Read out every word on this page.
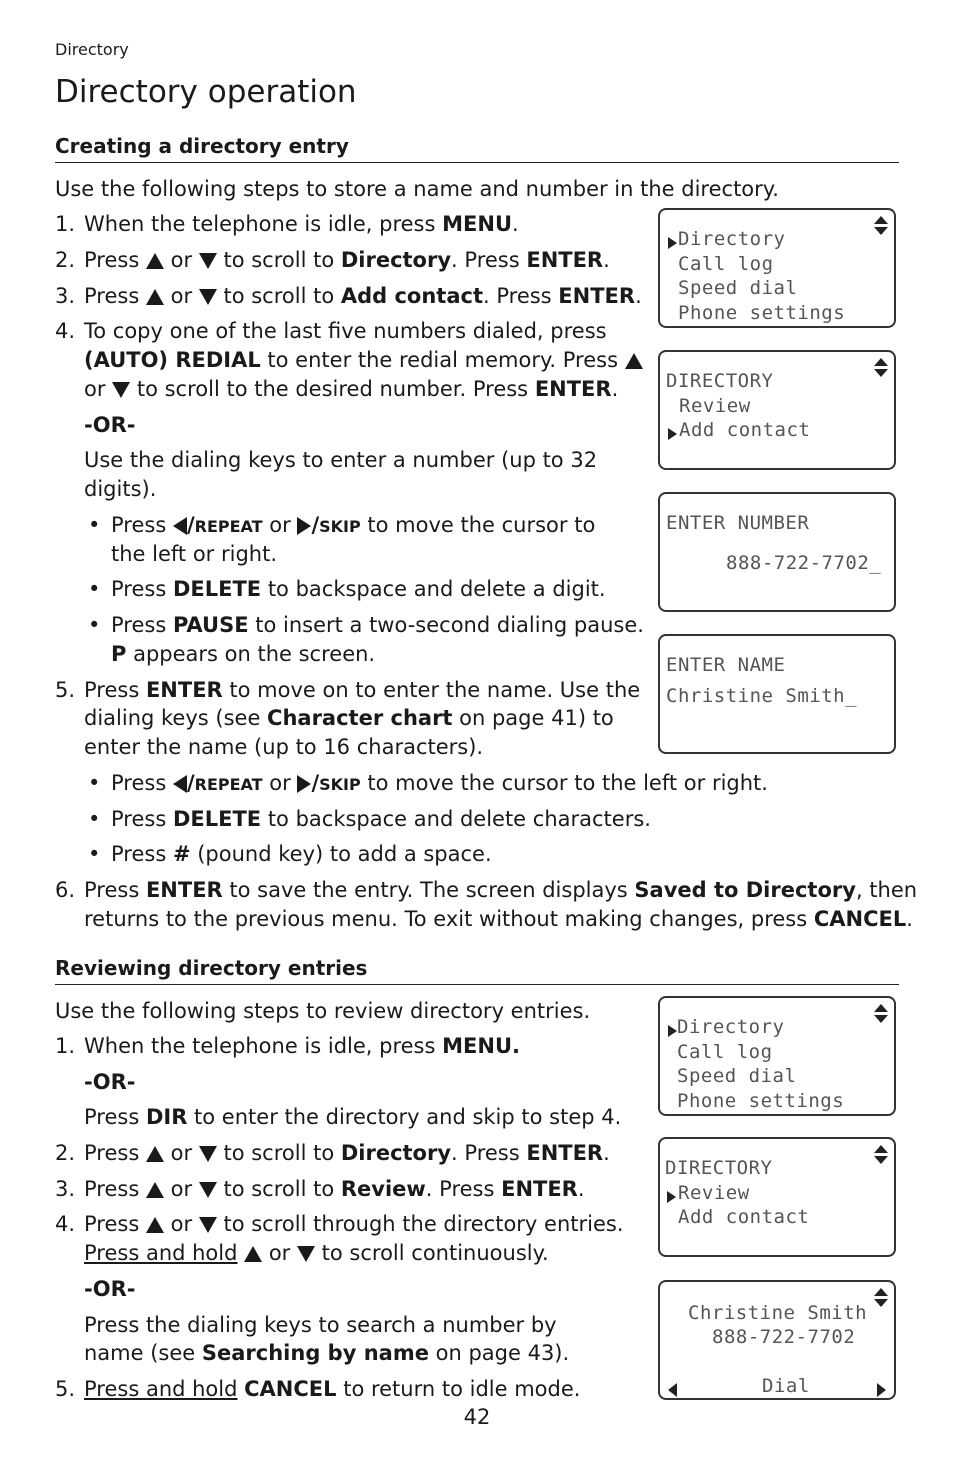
Directory
Directory operation
Creating a directory entry
Use the following steps to store a name and number in the directory.
1. When the telephone is idle, press MENU.
2. Press  or  to scroll to Directory. Press ENTER.
3. Press  or  to scroll to Add contact. Press ENTER.
4. To copy one of the last five numbers dialed, press
(AUTO) REDIAL to enter the redial memory. Press
or  to scroll to the desired number. Press ENTER.
-OR-
Use the dialing keys to enter a number (up to 32
digits).
• Press /REPEAT or /SKIP to move the cursor to
the left or right.
• Press DELETE to backspace and delete a digit.
• Press PAUSE to insert a two-second dialing pause.
P appears on the screen.
5. Press ENTER to move on to enter the name. Use the
dialing keys (see Character chart on page 41) to
enter the name (up to 16 characters).
• Press /REPEAT or /SKIP to move the cursor to the left or right.
• Press DELETE to backspace and delete characters.
• Press # (pound key) to add a space.
6. Press ENTER to save the entry. The screen displays Saved to Directory, then
returns to the previous menu. To exit without making changes, press CANCEL.
Reviewing directory entries
Use the following steps to review directory entries.
1. When the telephone is idle, press MENU.
-OR-
Press DIR to enter the directory and skip to step 4.
2. Press  or  to scroll to Directory. Press ENTER.
3. Press  or  to scroll to Review. Press ENTER.
4. Press  or  to scroll through the directory entries.
Press and hold  or  to scroll continuously.
-OR-
Press the dialing keys to search a number by
name (see Searching by name on page 43).
5. Press and hold CANCEL to return to idle mode.
42
Directory
Call log
Speed dial
Phone settings
DIRECTORY
Review
Add contact
ENTER NUMBER
888-722-7702_
ENTER NAME
Christine Smith_
Directory
Call log
Speed dial
Phone settings
DIRECTORY
Review
Add contact
Christine Smith
888-722-7702
Dial
